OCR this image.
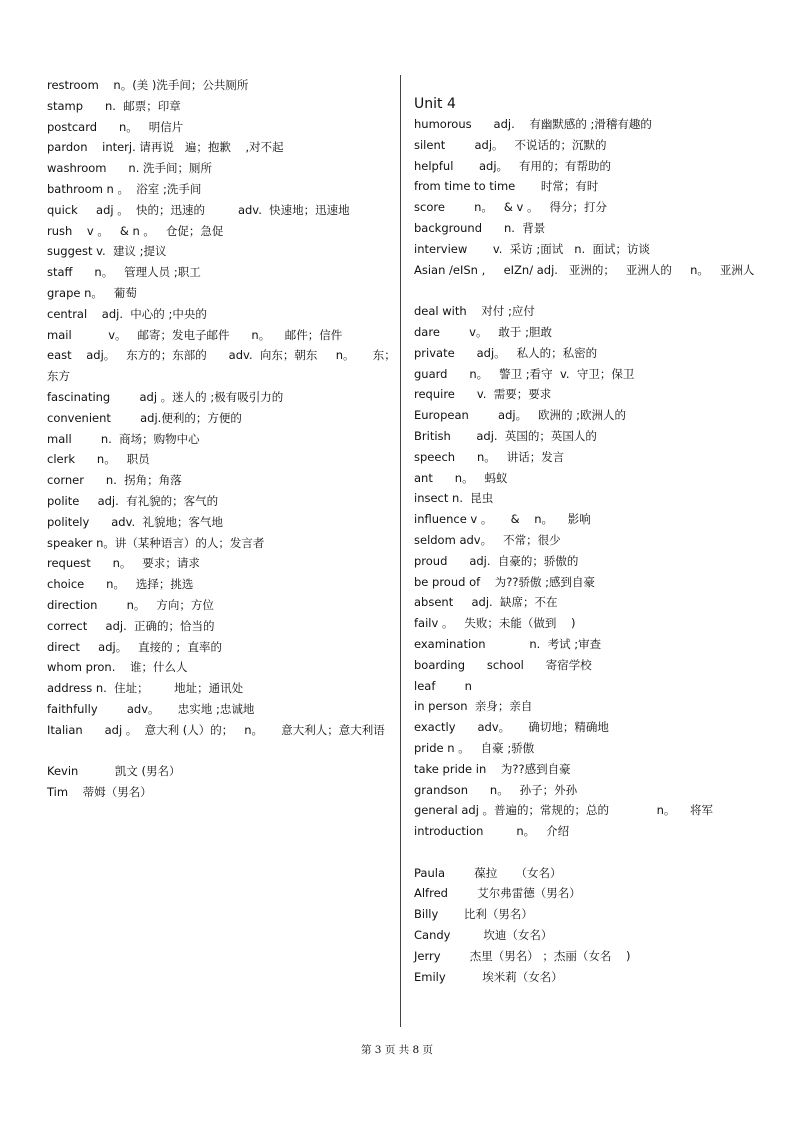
restroom    n。(美 )洗手间；公共厕所
stamp      n.  邮票；印章
postcard      n。   明信片
pardon    interj. 请再说   遍；抱歉    ,对不起
washroom      n. 洗手间；厕所
bathroom n 。  浴室 ;洗手间
quick     adj 。  快的；迅速的         adv.  快速地；迅速地
rush    v 。   & n 。   仓促；急促
suggest v.  建议 ;提议
staff      n。   管理人员 ;职工
grape n。   葡萄
central    adj.  中心的 ;中央的
mail          v。   邮寄；发电子邮件      n。    邮件；信件
east    adj。   东方的；东部的      adv.  向东；朝东     n。     东；
东方
fascinating        adj 。迷人的 ;极有吸引力的
convenient        adj.便利的；方便的
mall        n.  商场；购物中心
clerk      n。   职员
corner      n.  拐角；角落
polite     adj.  有礼貌的；客气的
politely      adv.  礼貌地；客气地
speaker n。讲（某种语言）的人；发言者
request      n。   要求；请求
choice      n。   选择；挑选
direction        n。   方向；方位
correct     adj.  正确的；恰当的
direct     adj。   直接的 ;  直率的
whom pron.    谁；什么人
address n.  住址；       地址；通讯处
faithfully        adv。     忠实地 ;忠诚地
Italian      adj 。  意大利 (人）的；   n。     意大利人；意大利语
Kevin          凯文 (男名）
Tim    蒂姆（男名）
Unit 4
humorous      adj.    有幽默感的 ;滑稽有趣的
silent        adj。   不说话的；沉默的
helpful       adj。   有用的；有帮助的
from time to time       时常；有时
score        n。   & v 。   得分；打分
background      n.  背景
interview       v.  采访 ;面试   n.  面试；访谈
Asian /eISn ,     eIZn/ adj.   亚洲的；   亚洲人的     n。   亚洲人
deal with    对付 ;应付
dare        v。   敢于 ;胆敢
private      adj。   私人的；私密的
guard      n。   警卫 ;看守  v.  守卫；保卫
require      v.  需要；要求
European        adj。   欧洲的 ;欧洲人的
British       adj.  英国的；英国人的
speech      n。   讲话；发言
ant      n。   蚂蚁
insect n.  昆虫
influence v 。     &    n。    影响
seldom adv。   不常；很少
proud      adj.  自豪的；骄傲的
be proud of    为??骄傲 ;感到自豪
absent     adj.  缺席；不在
failv 。   失败；未能（做到    )
examination            n.  考试 ;审查
boarding      school      寄宿学校
leaf        n
in person  亲身；亲自
exactly      adv。     确切地；精确地
pride n 。   自豪 ;骄傲
take pride in    为??感到自豪
grandson      n。   孙子；外孙
general adj 。普遍的；常规的；总的             n。    将军
introduction         n。   介绍
Paula        葆拉     （女名）
Alfred        艾尔弗雷德（男名）
Billy       比利（男名）
Candy         坎迪（女名）
Jerry        杰里（男名） ；杰丽（女名    )
Emily          埃米莉（女名）
第 3 页 共 8 页
